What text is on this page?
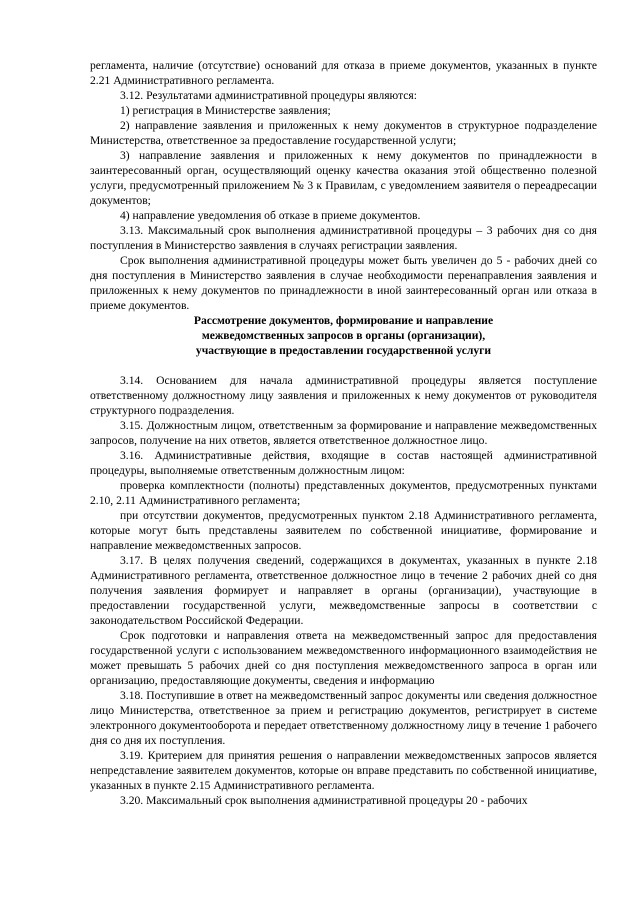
регламента, наличие (отсутствие) оснований для отказа в приеме документов, указанных в пункте 2.21 Административного регламента.

3.12. Результатами административной процедуры являются:

1) регистрация в Министерстве заявления;

2) направление заявления и приложенных к нему документов в структурное подразделение Министерства, ответственное за предоставление государственной услуги;

3) направление заявления и приложенных к нему документов по принадлежности в заинтересованный орган, осуществляющий оценку качества оказания этой общественно полезной услуги, предусмотренный приложением № 3 к Правилам, с уведомлением заявителя о переадресации документов;

4) направление уведомления об отказе в приеме документов.

3.13. Максимальный срок выполнения административной процедуры – 3 рабочих дня со дня поступления в Министерство заявления в случаях регистрации заявления.

Срок выполнения административной процедуры может быть увеличен до 5 - рабочих дней со дня поступления в Министерство заявления в случае необходимости перенаправления заявления и приложенных к нему документов по принадлежности в иной заинтересованный орган или отказа в приеме документов.

Рассмотрение документов, формирование и направление
межведомственных запросов в органы (организации),
участвующие в предоставлении государственной услуги

3.14. Основанием для начала административной процедуры является поступление ответственному должностному лицу заявления и приложенных к нему документов от руководителя структурного подразделения.

3.15. Должностным лицом, ответственным за формирование и направление межведомственных запросов, получение на них ответов, является ответственное должностное лицо.

3.16. Административные действия, входящие в состав настоящей административной процедуры, выполняемые ответственным должностным лицом:

проверка комплектности (полноты) представленных документов, предусмотренных пунктами 2.10, 2.11 Административного регламента;

при отсутствии документов, предусмотренных пунктом 2.18 Административного регламента, которые могут быть представлены заявителем по собственной инициативе, формирование и направление межведомственных запросов.

3.17. В целях получения сведений, содержащихся в документах, указанных в пункте 2.18 Административного регламента, ответственное должностное лицо в течение 2 рабочих дней со дня получения заявления формирует и направляет в органы (организации), участвующие в предоставлении государственной услуги, межведомственные запросы в соответствии с законодательством Российской Федерации.

Срок подготовки и направления ответа на межведомственный запрос для предоставления государственной услуги с использованием межведомственного информационного взаимодействия не может превышать 5 рабочих дней со дня поступления межведомственного запроса в орган или организацию, предоставляющие документы, сведения и информацию

3.18. Поступившие в ответ на межведомственный запрос документы или сведения должностное лицо Министерства, ответственное за прием и регистрацию документов, регистрирует в системе электронного документооборота и передает ответственному должностному лицу в течение 1 рабочего дня со дня их поступления.

3.19. Критерием для принятия решения о направлении межведомственных запросов является непредставление заявителем документов, которые он вправе представить по собственной инициативе, указанных в пункте 2.15 Административного регламента.

3.20. Максимальный срок выполнения административной процедуры 20 - рабочих
